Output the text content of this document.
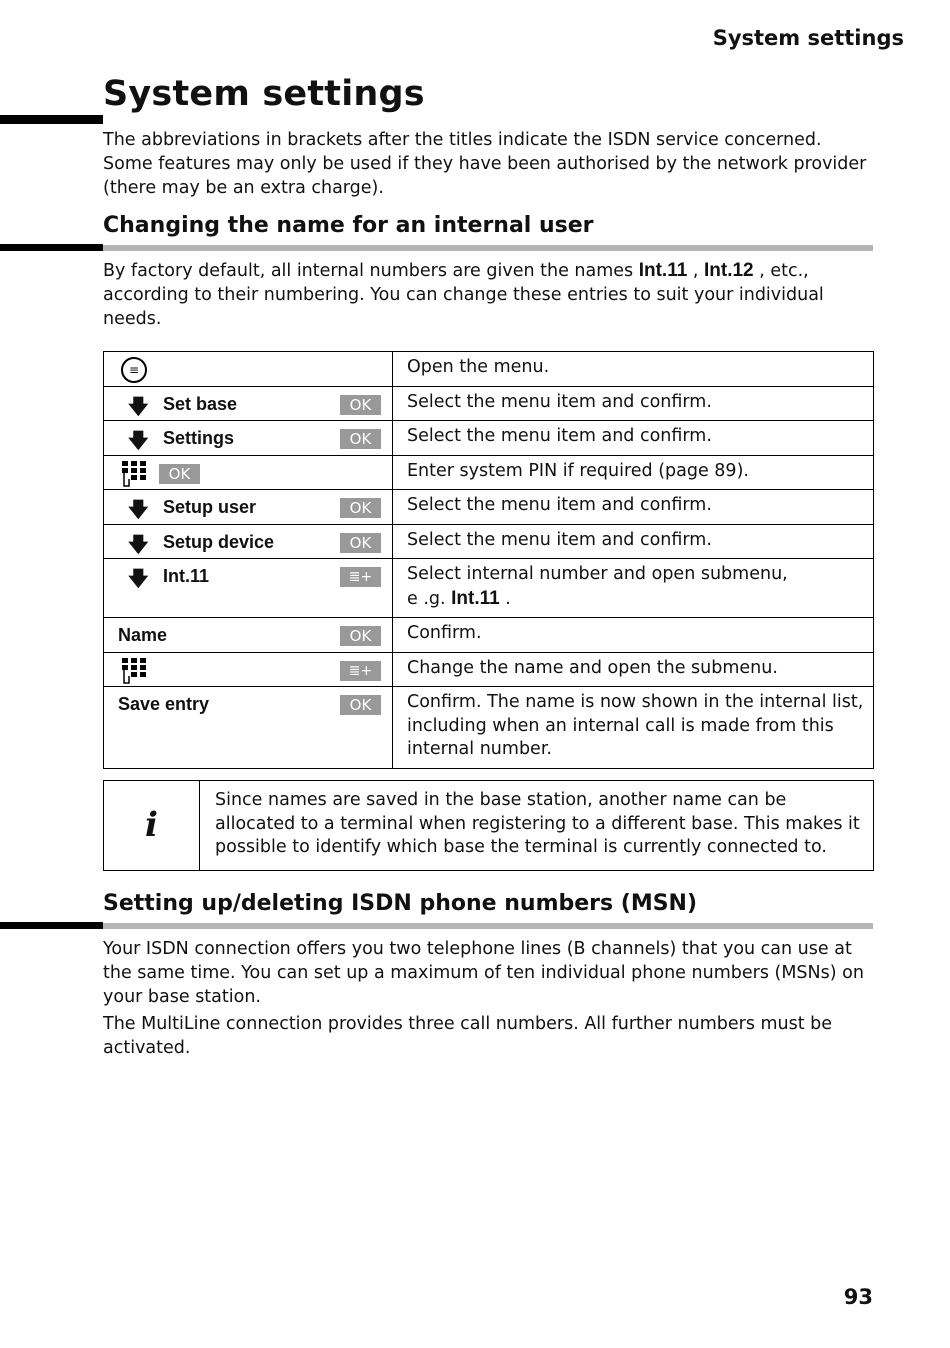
System settings
System settings
The abbreviations in brackets after the titles indicate the ISDN service concerned. Some features may only be used if they have been authorised by the network provider (there may be an extra charge).
Changing the name for an internal user
By factory default, all internal numbers are given the names Int.11 , Int.12 , etc., according to their numbering. You can change these entries to suit your individual needs.
≡	Open the menu.

🡇 Set base OK	Select the menu item and confirm.

🡇 Settings OK	Select the menu item and confirm.

OK	Enter system PIN if required (page 89).

🡇 Setup user OK	Select the menu item and confirm.

🡇 Setup device OK	Select the menu item and confirm.

🡇 Int.11 ≣+	Select internal number and open submenu,
e .g. Int.11 .

Name OK	Confirm.

≣+	Change the name and open the submenu.

Save entry OK	Confirm. The name is now shown in the internal list, including when an internal call is made from this internal number.
i
Since names are saved in the base station, another name can be allocated to a terminal when registering to a different base. This makes it possible to identify which base the terminal is currently connected to.
Setting up/deleting ISDN phone numbers (MSN)
Your ISDN connection offers you two telephone lines (B channels) that you can use at the same time. You can set up a maximum of ten individual phone numbers (MSNs) on your base station.
The MultiLine connection provides three call numbers. All further numbers must be activated.
93
